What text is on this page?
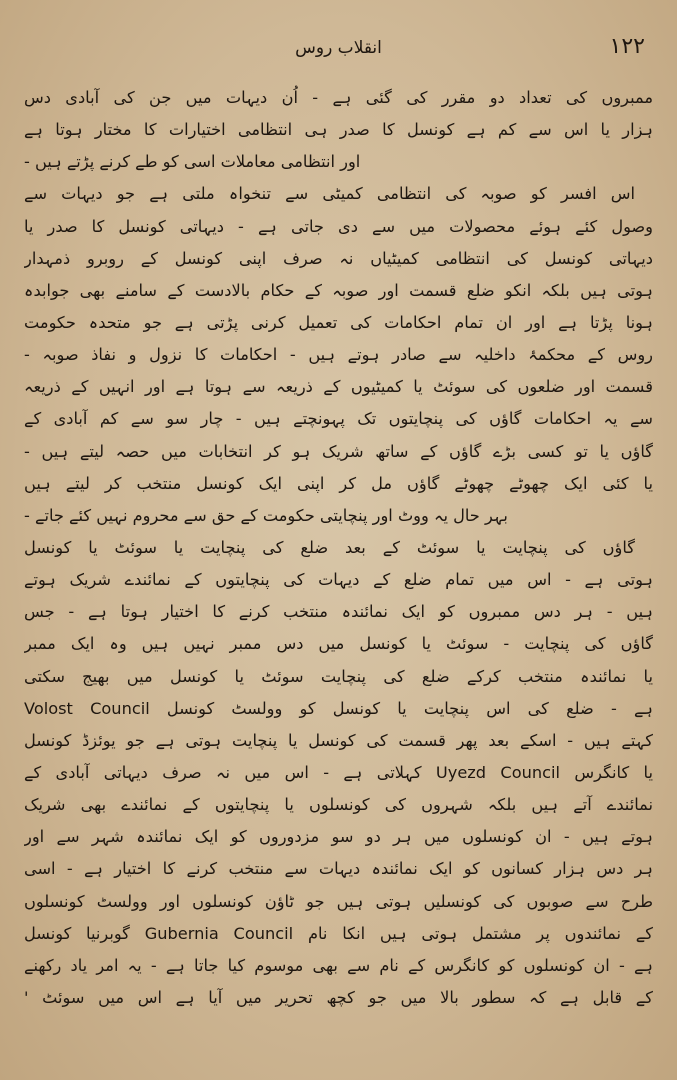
انقلاب روس	۱۲۲
ممبروں کی تعداد دو مقرر کی گئی ہے - اُن دیہات میں جن کی آبادی دس
ہزار یا اس سے کم ہے کونسل کا صدر ہی انتظامی اختیارات کا مختار ہوتا ہے
اور انتظامی معاملات اسی کو طے کرنے پڑتے ہیں -
اس افسر کو صوبہ کی انتظامی کمیٹی سے تنخواہ ملتی ہے جو دیہات سے
وصول کئے ہوئے محصولات میں سے دی جاتی ہے - دیہاتی کونسل کا صدر یا
دیہاتی کونسل کی انتظامی کمیٹیاں نہ صرف اپنی کونسل کے روبرو ذمہدار
ہوتی ہیں بلکہ انکو ضلع قسمت اور صوبہ کے حکام بالادست کے سامنے بھی جوابدہ
ہونا پڑتا ہے اور ان تمام احکامات کی تعمیل کرنی پڑتی ہے جو متحدہ حکومت
روس کے محکمۂ داخلیہ سے صادر ہوتے ہیں - احکامات کا نزول و نفاذ صوبہ -
قسمت اور ضلعوں کی سوئٹ یا کمیٹیوں کے ذریعہ سے ہوتا ہے اور انہیں کے ذریعہ
سے یہ احکامات گاؤں کی پنچایتوں تک پہونچتے ہیں - چار سو سے کم آبادی کے
گاؤں یا تو کسی بڑے گاؤں کے ساتھ شریک ہو کر انتخابات میں حصہ لیتے ہیں -
یا کئی ایک چھوٹے چھوٹے گاؤں مل کر اپنی ایک کونسل منتخب کر لیتے ہیں
بہر حال یہ ووٹ اور پنچایتی حکومت کے حق سے محروم نہیں کئے جاتے -
گاؤں کی پنچایت یا سوئٹ کے بعد ضلع کی پنچایت یا سوئٹ یا کونسل
ہوتی ہے - اس میں تمام ضلع کے دیہات کی پنچایتوں کے نمائندے شریک ہوتے
ہیں - ہر دس ممبروں کو ایک نمائندہ منتخب کرنے کا اختیار ہوتا ہے - جس
گاؤں کی پنچایت - سوئٹ یا کونسل میں دس ممبر نہیں ہیں وہ ایک ممبر
یا نمائندہ منتخب کرکے ضلع کی پنچایت سوئٹ یا کونسل میں بھیج سکتی
ہے - ضلع کی اس پنچایت یا کونسل کو وولسٹ کونسل Volost Council
کہتے ہیں - اسکے بعد پھر قسمت کی کونسل یا پنچایت ہوتی ہے جو یوئزڈ کونسل
یا کانگرس Uyezd Council کہلاتی ہے - اس میں نہ صرف دیہاتی آبادی کے
نمائندے آتے ہیں بلکہ شہروں کی کونسلوں یا پنچایتوں کے نمائندے بھی شریک
ہوتے ہیں - ان کونسلوں میں ہر دو سو مزدوروں کو ایک نمائندہ شہر سے اور
ہر دس ہزار کسانوں کو ایک نمائندہ دیہات سے منتخب کرنے کا اختیار ہے - اسی
طرح سے صوبوں کی کونسلیں ہوتی ہیں جو ٹاؤن کونسلوں اور وولسٹ کونسلوں
کے نمائندوں پر مشتمل ہوتی ہیں انکا نام Gubernia Council گوبرنیا کونسل
ہے - ان کونسلوں کو کانگرس کے نام سے بھی موسوم کیا جاتا ہے - یہ امر یاد رکھنے
کے قابل ہے کہ سطور بالا میں جو کچھ تحریر میں آیا ہے اس میں سوئٹ '
